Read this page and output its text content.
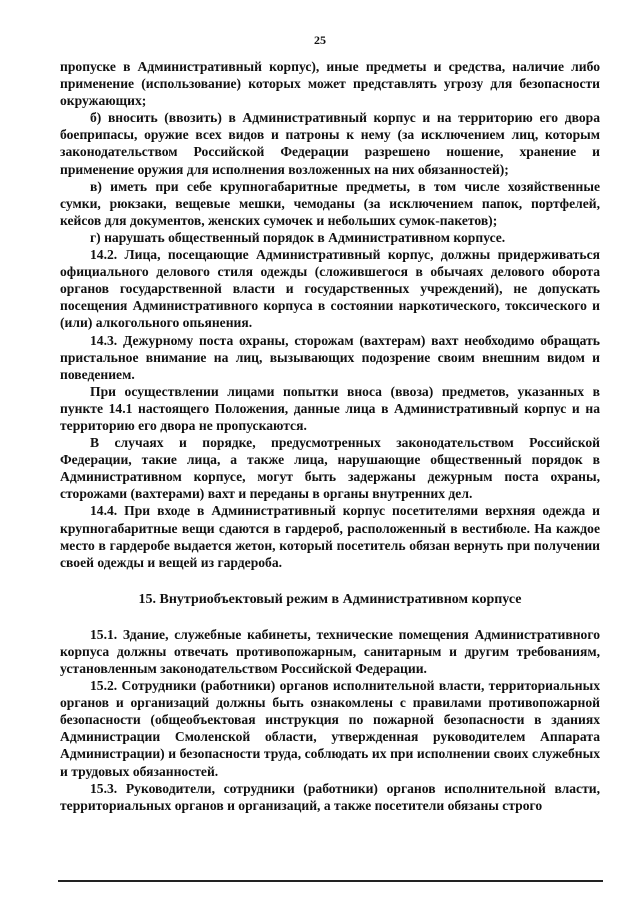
25

пропуске в Административный корпус), иные предметы и средства, наличие либо применение (использование) которых может представлять угрозу для безопасности окружающих;

б) вносить (ввозить) в Административный корпус и на территорию его двора боеприпасы, оружие всех видов и патроны к нему (за исключением лиц, которым законодательством Российской Федерации разрешено ношение, хранение и применение оружия для исполнения возложенных на них обязанностей);

в) иметь при себе крупногабаритные предметы, в том числе хозяйственные сумки, рюкзаки, вещевые мешки, чемоданы (за исключением папок, портфелей, кейсов для документов, женских сумочек и небольших сумок-пакетов);

г) нарушать общественный порядок в Административном корпусе.

14.2. Лица, посещающие Административный корпус, должны придерживаться официального делового стиля одежды (сложившегося в обычаях делового оборота органов государственной власти и государственных учреждений), не допускать посещения Административного корпуса в состоянии наркотического, токсического и (или) алкогольного опьянения.

14.3. Дежурному поста охраны, сторожам (вахтерам) вахт необходимо обращать пристальное внимание на лиц, вызывающих подозрение своим внешним видом и поведением.

При осуществлении лицами попытки вноса (ввоза) предметов, указанных в пункте 14.1 настоящего Положения, данные лица в Административный корпус и на территорию его двора не пропускаются.

В случаях и порядке, предусмотренных законодательством Российской Федерации, такие лица, а также лица, нарушающие общественный порядок в Административном корпусе, могут быть задержаны дежурным поста охраны, сторожами (вахтерами) вахт и переданы в органы внутренних дел.

14.4. При входе в Административный корпус посетителями верхняя одежда и крупногабаритные вещи сдаются в гардероб, расположенный в вестибюле. На каждое место в гардеробе выдается жетон, который посетитель обязан вернуть при получении своей одежды и вещей из гардероба.

15. Внутриобъектовый режим в Административном корпусе

15.1. Здание, служебные кабинеты, технические помещения Административного корпуса должны отвечать противопожарным, санитарным и другим требованиям, установленным законодательством Российской Федерации.

15.2. Сотрудники (работники) органов исполнительной власти, территориальных органов и организаций должны быть ознакомлены с правилами противопожарной безопасности (общеобъектовая инструкция по пожарной безопасности в зданиях Администрации Смоленской области, утвержденная руководителем Аппарата Администрации) и безопасности труда, соблюдать их при исполнении своих служебных и трудовых обязанностей.

15.3. Руководители, сотрудники (работники) органов исполнительной власти, территориальных органов и организаций, а также посетители обязаны строго
